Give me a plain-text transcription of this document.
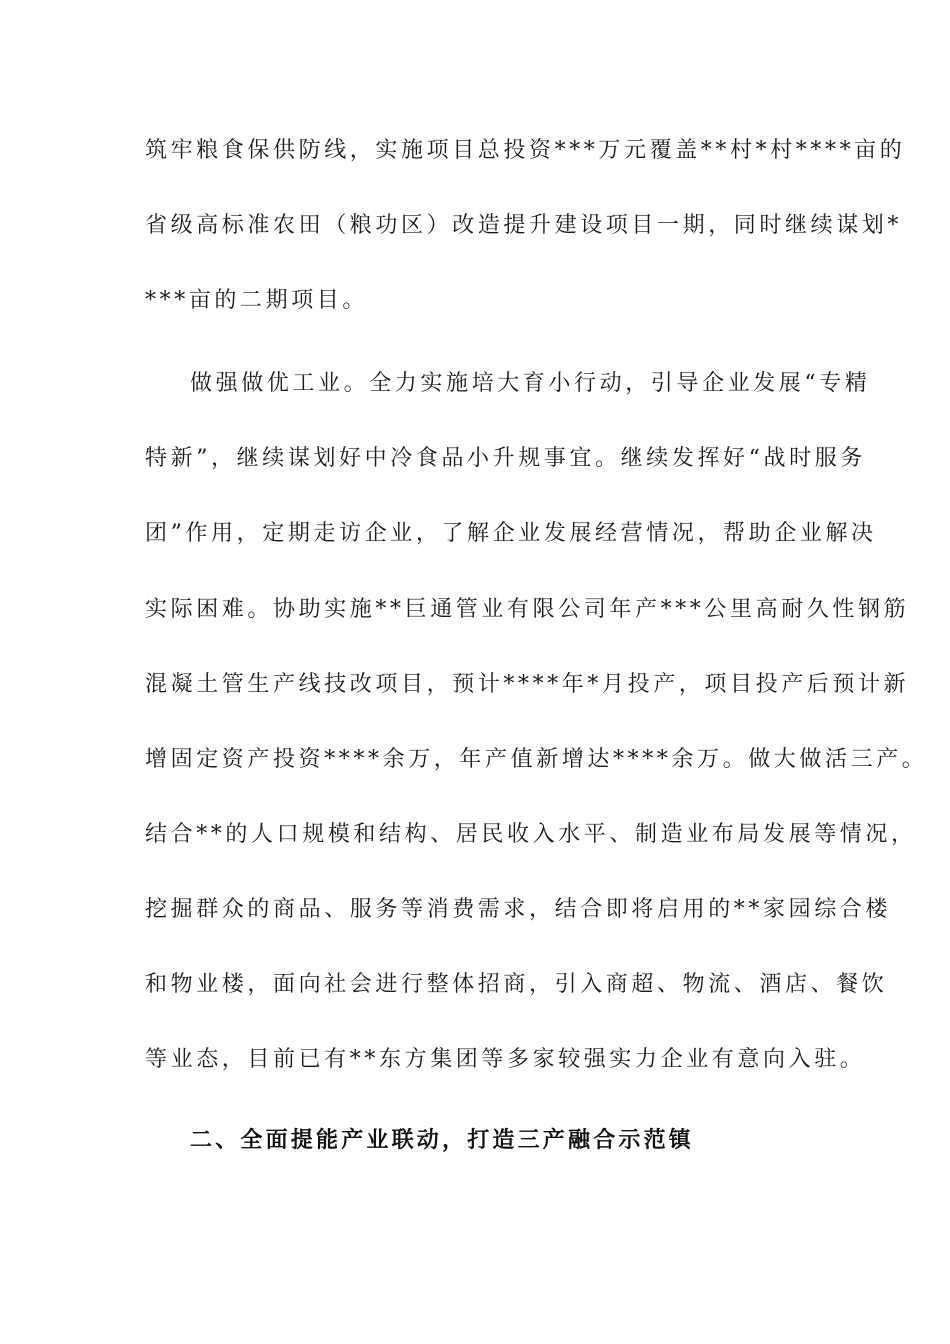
筑牢粮食保供防线，实施项目总投资***万元覆盖**村*村****亩的
省级高标准农田（粮功区）改造提升建设项目一期，同时继续谋划*
***亩的二期项目。
做强做优工业。全力实施培大育小行动，引导企业发展“专精
特新”，继续谋划好中冷食品小升规事宜。继续发挥好“战时服务
团”作用，定期走访企业，了解企业发展经营情况，帮助企业解决
实际困难。协助实施**巨通管业有限公司年产***公里高耐久性钢筋
混凝土管生产线技改项目，预计****年*月投产，项目投产后预计新
增固定资产投资****余万，年产值新增达****余万。做大做活三产。
结合**的人口规模和结构、居民收入水平、制造业布局发展等情况，
挖掘群众的商品、服务等消费需求，结合即将启用的**家园综合楼
和物业楼，面向社会进行整体招商，引入商超、物流、酒店、餐饮
等业态，目前已有**东方集团等多家较强实力企业有意向入驻。
二、全面提能产业联动，打造三产融合示范镇
